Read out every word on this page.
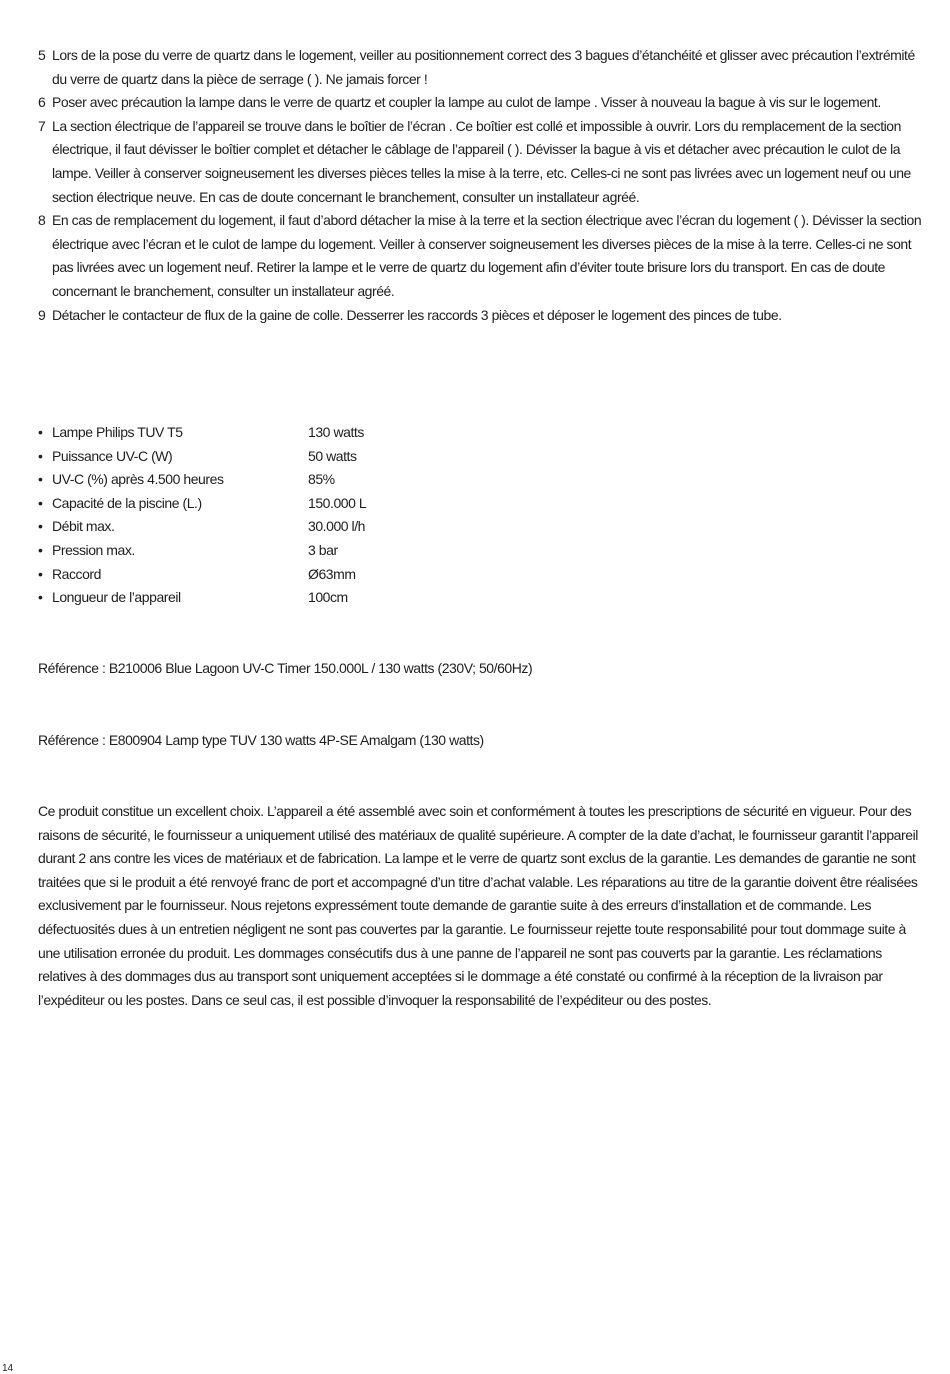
5 Lors de la pose du verre de quartz dans le logement, veiller au positionnement correct des 3 bagues d’étanchéité et glisser avec précaution l’extrémité du verre de quartz dans la pièce de serrage ( ). Ne jamais forcer !

6 Poser avec précaution la lampe dans le verre de quartz et coupler la lampe au culot de lampe . Visser à nouveau la bague à vis sur le logement.

7 La section électrique de l’appareil se trouve dans le boîtier de l’écran . Ce boîtier est collé et impossible à ouvrir. Lors du remplacement de la section électrique, il faut dévisser le boîtier complet et détacher le câblage de l’appareil ( ). Dévisser la bague à vis et détacher avec précaution le culot de la lampe. Veiller à conserver soigneusement les diverses pièces telles la mise à la terre, etc. Celles-ci ne sont pas livrées avec un logement neuf ou une section électrique neuve. En cas de doute concernant le branchement, consulter un installateur agréé.

8 En cas de remplacement du logement, il faut d’abord détacher la mise à la terre et la section électrique avec l’écran du logement ( ). Dévisser la section électrique avec l’écran et le culot de lampe du logement. Veiller à conserver soigneusement les diverses pièces de la mise à la terre. Celles-ci ne sont pas livrées avec un logement neuf. Retirer la lampe et le verre de quartz du logement afin d’éviter toute brisure lors du transport. En cas de doute concernant le branchement, consulter un installateur agréé.

9 Détacher le contacteur de flux de la gaine de colle. Desserrer les raccords 3 pièces et déposer le logement des pinces de tube.

• Lampe Philips TUV T5	130 watts
• Puissance UV-C (W)	50 watts
• UV-C (%) après 4.500 heures	85%
• Capacité de la piscine (L.)	150.000 L
• Débit max.	30.000 l/h
• Pression max.	3 bar
• Raccord	Ø63mm
• Longueur de l’appareil	100cm
Référence : B210006 Blue Lagoon UV-C Timer 150.000L / 130 watts (230V; 50/60Hz)
Référence : E800904 Lamp type TUV 130 watts 4P-SE Amalgam (130 watts)

Ce produit constitue un excellent choix. L’appareil a été assemblé avec soin et conformément à toutes les prescriptions de sécurité en vigueur. Pour des raisons de sécurité, le fournisseur a uniquement utilisé des matériaux de qualité supérieure. A compter de la date d’achat, le fournisseur garantit l’appareil durant 2 ans contre les vices de matériaux et de fabrication. La lampe et le verre de quartz sont exclus de la garantie. Les demandes de garantie ne sont traitées que si le produit a été renvoyé franc de port et accompagné d’un titre d’achat valable. Les réparations au titre de la garantie doivent être réalisées exclusivement par le fournisseur. Nous rejetons expressément toute demande de garantie suite à des erreurs d’installation et de commande. Les défectuosités dues à un entretien négligent ne sont pas couvertes par la garantie. Le fournisseur rejette toute responsabilité pour tout dommage suite à une utilisation erronée du produit. Les dommages consécutifs dus à une panne de l’appareil ne sont pas couverts par la garantie. Les réclamations relatives à des dommages dus au transport sont uniquement acceptées si le dommage a été constaté ou confirmé à la réception de la livraison par l’expéditeur ou les postes. Dans ce seul cas, il est possible d’invoquer la responsabilité de l’expéditeur ou des postes.

14
